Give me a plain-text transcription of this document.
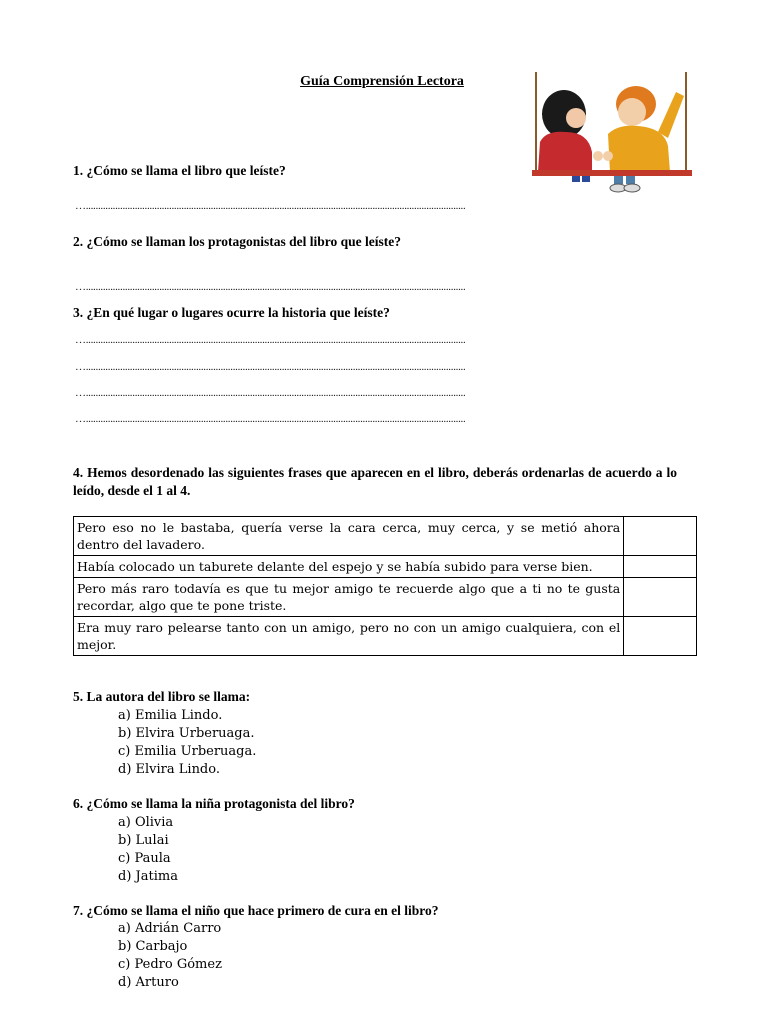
Guía Comprensión Lectora
1. ¿Cómo se llama el libro que leíste?
…...........................................................................................................................................................
2. ¿Cómo se llaman los protagonistas del libro que leíste?
…...........................................................................................................................................................
3. ¿En qué lugar o lugares ocurre la historia que leíste?
…...........................................................................................................................................................
…...........................................................................................................................................................
…...........................................................................................................................................................
…...........................................................................................................................................................
4. Hemos desordenado las siguientes frases que aparecen en el libro, deberás ordenarlas de acuerdo a lo leído, desde el 1 al 4.
Pero eso no le bastaba, quería verse la cara cerca, muy cerca, y se metió ahora dentro del lavadero.	
Había colocado un taburete delante del espejo y se había subido para verse bien.	
Pero más raro todavía es que tu mejor amigo te recuerde algo que a ti no te gusta recordar, algo que te pone triste.	
Era muy raro pelearse tanto con un amigo, pero no con un amigo cualquiera, con el mejor.	
5. La autora del libro se llama:
a) Emilia Lindo.
b) Elvira Urberuaga.
c) Emilia Urberuaga.
d) Elvira Lindo.
6. ¿Cómo se llama la niña protagonista del libro?
a) Olivia
b) Lulai
c) Paula
d) Jatima
7. ¿Cómo se llama el niño que hace primero de cura en el libro?
a) Adrián Carro
b) Carbajo
c) Pedro Gómez
d) Arturo
